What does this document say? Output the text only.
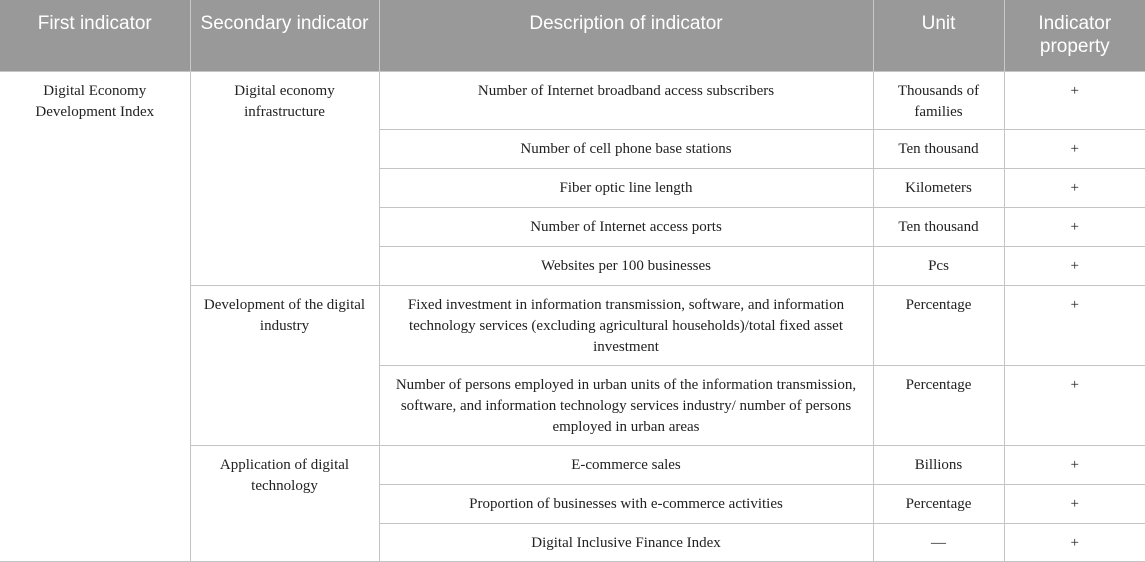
First indicator	Secondary indicator	Description of indicator	Unit	Indicator property
Digital Economy Development Index	Digital economy infrastructure	Number of Internet broadband access subscribers	Thousands of families	+
		Number of cell phone base stations	Ten thousand	+
		Fiber optic line length	Kilometers	+
		Number of Internet access ports	Ten thousand	+
		Websites per 100 businesses	Pcs	+
	Development of the digital industry	Fixed investment in information transmission, software, and information technology services (excluding agricultural households)/total fixed asset investment	Percentage	+
		Number of persons employed in urban units of the information transmission, software, and information technology services industry/ number of persons employed in urban areas	Percentage	+
	Application of digital technology	E-commerce sales	Billions	+
		Proportion of businesses with e-commerce activities	Percentage	+
		Digital Inclusive Finance Index	—	+
